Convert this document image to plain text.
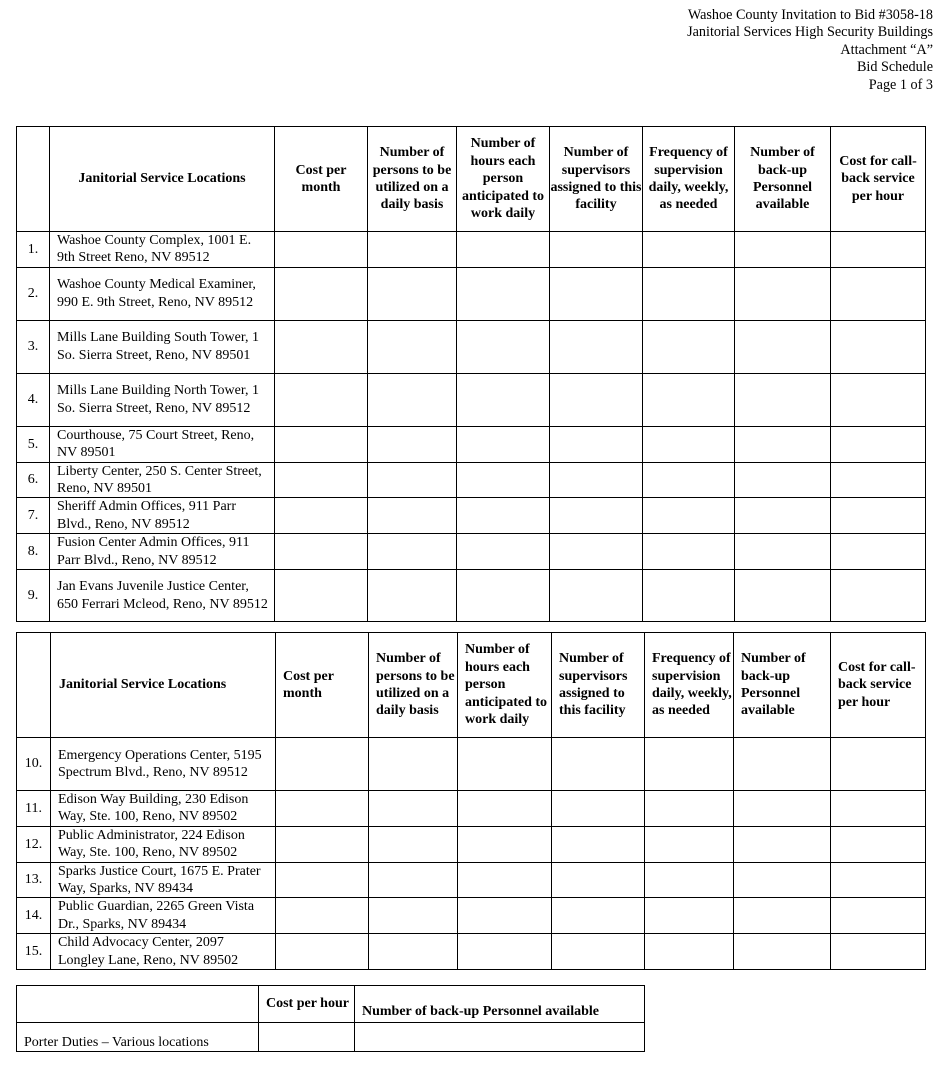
Washoe County Invitation to Bid #3058-18
Janitorial Services High Security Buildings
Attachment “A”
Bid Schedule
Page 1 of 3
	Janitorial Service Locations	Cost per month	Number of persons to be utilized on a daily basis	Number of hours each person anticipated to work daily	Number of supervisors assigned to this facility	Frequency of supervision daily, weekly, as needed	Number of back-up Personnel available	Cost for call-back service per hour
1.	Washoe County Complex, 1001 E. 9th Street Reno, NV 89512							
2.	Washoe County Medical Examiner, 990 E. 9th Street, Reno, NV 89512							
3.	Mills Lane Building South Tower, 1 So. Sierra Street, Reno, NV 89501							
4.	Mills Lane Building North Tower, 1 So. Sierra Street, Reno, NV 89512							
5.	Courthouse, 75 Court Street, Reno, NV 89501							
6.	Liberty Center, 250 S. Center Street, Reno, NV 89501							
7.	Sheriff Admin Offices, 911 Parr Blvd., Reno, NV 89512							
8.	Fusion Center Admin Offices, 911 Parr Blvd., Reno, NV 89512							
9.	Jan Evans Juvenile Justice Center, 650 Ferrari Mcleod, Reno, NV 89512							
	Janitorial Service Locations	Cost per month	Number of persons to be utilized on a daily basis	Number of hours each person anticipated to work daily	Number of supervisors assigned to this facility	Frequency of supervision daily, weekly, as needed	Number of back-up Personnel available	Cost for call-back service per hour
10.	Emergency Operations Center, 5195 Spectrum Blvd., Reno, NV 89512							
11.	Edison Way Building, 230 Edison Way, Ste. 100, Reno, NV 89502							
12.	Public Administrator, 224 Edison Way, Ste. 100, Reno, NV 89502							
13.	Sparks Justice Court, 1675 E. Prater Way, Sparks, NV 89434							
14.	Public Guardian, 2265 Green Vista Dr., Sparks, NV 89434							
15.	Child Advocacy Center, 2097 Longley Lane, Reno, NV 89502							
	Cost per hour	Number of back-up Personnel available
Porter Duties – Various locations		
